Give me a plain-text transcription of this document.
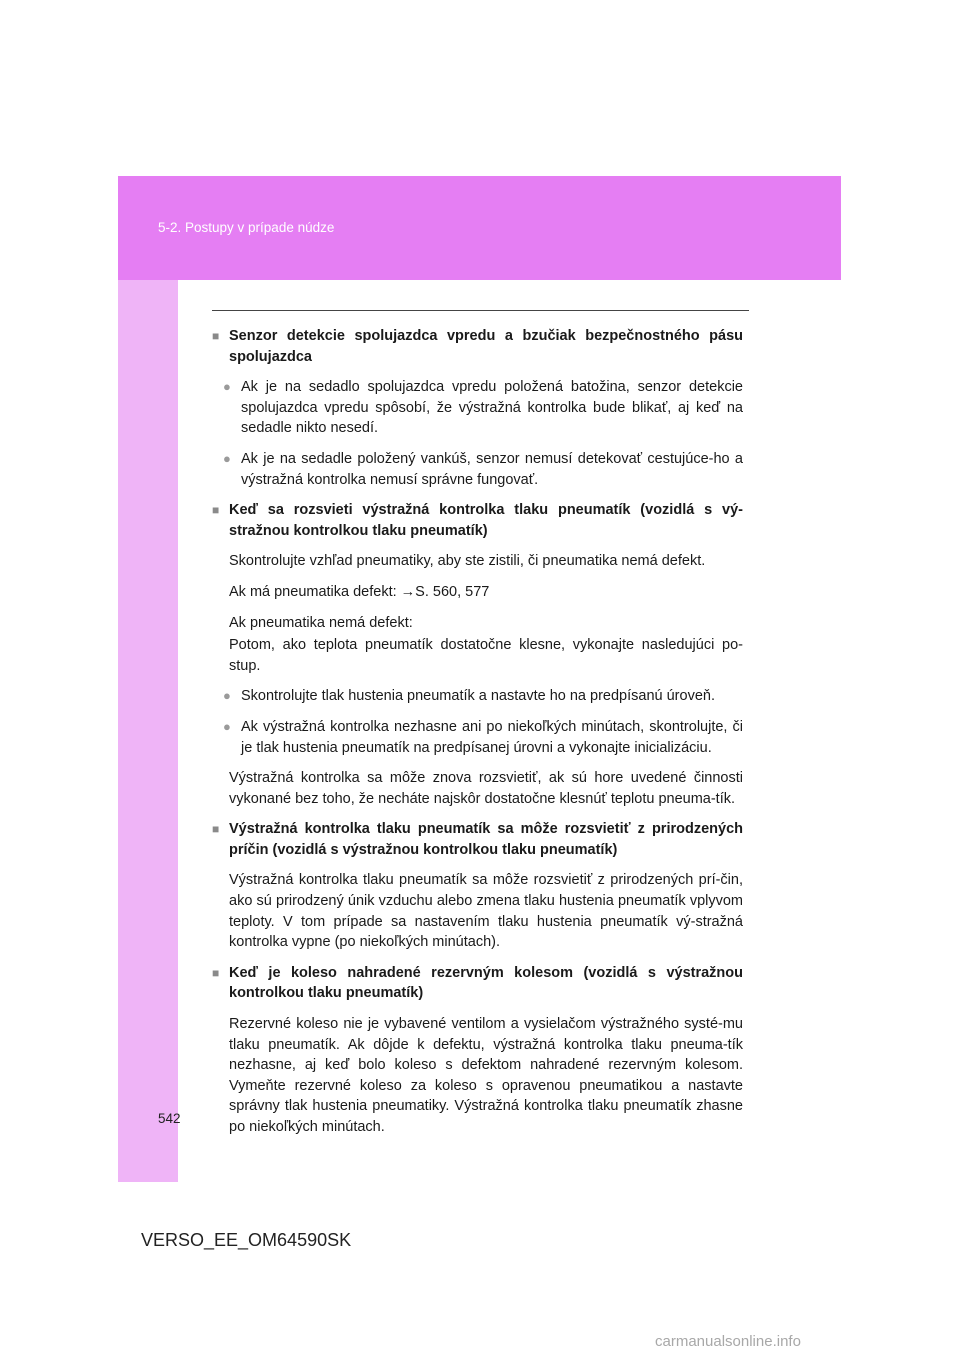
5-2. Postupy v prípade núdze
■ Senzor detekcie spolujazdca vpredu a bzučiak bezpečnostného pásu spolujazdca
● Ak je na sedadlo spolujazdca vpredu položená batožina, senzor detekcie spolujazdca vpredu spôsobí, že výstražná kontrolka bude blikať, aj keď na sedadle nikto nesedí.
● Ak je na sedadle položený vankúš, senzor nemusí detekovať cestujúce-ho a výstražná kontrolka nemusí správne fungovať.
■ Keď sa rozsvieti výstražná kontrolka tlaku pneumatík (vozidlá s vý-stražnou kontrolkou tlaku pneumatík)
Skontrolujte vzhľad pneumatiky, aby ste zistili, či pneumatika nemá defekt.
Ak má pneumatika defekt: →S. 560, 577
Ak pneumatika nemá defekt:
Potom, ako teplota pneumatík dostatočne klesne, vykonajte nasledujúci po-stup.
● Skontrolujte tlak hustenia pneumatík a nastavte ho na predpísanú úroveň.
● Ak výstražná kontrolka nezhasne ani po niekoľkých minútach, skontrolujte, či je tlak hustenia pneumatík na predpísanej úrovni a vykonajte inicializáciu.
Výstražná kontrolka sa môže znova rozsvietiť, ak sú hore uvedené činnosti vykonané bez toho, že necháte najskôr dostatočne klesnúť teplotu pneuma-tík.
■ Výstražná kontrolka tlaku pneumatík sa môže rozsvietiť z prirodzených príčin (vozidlá s výstražnou kontrolkou tlaku pneumatík)
Výstražná kontrolka tlaku pneumatík sa môže rozsvietiť z prirodzených prí-čin, ako sú prirodzený únik vzduchu alebo zmena tlaku hustenia pneumatík vplyvom teploty. V tom prípade sa nastavením tlaku hustenia pneumatík vý-stražná kontrolka vypne (po niekoľkých minútach).
■ Keď je koleso nahradené rezervným kolesom (vozidlá s výstražnou kontrolkou tlaku pneumatík)
Rezervné koleso nie je vybavené ventilom a vysielačom výstražného systé-mu tlaku pneumatík. Ak dôjde k defektu, výstražná kontrolka tlaku pneuma-tík nezhasne, aj keď bolo koleso s defektom nahradené rezervným kolesom. Vymeňte rezervné koleso za koleso s opravenou pneumatikou a nastavte správny tlak hustenia pneumatiky. Výstražná kontrolka tlaku pneumatík zhasne po niekoľkých minútach.
542
VERSO_EE_OM64590SK
carmanualsonline.info
